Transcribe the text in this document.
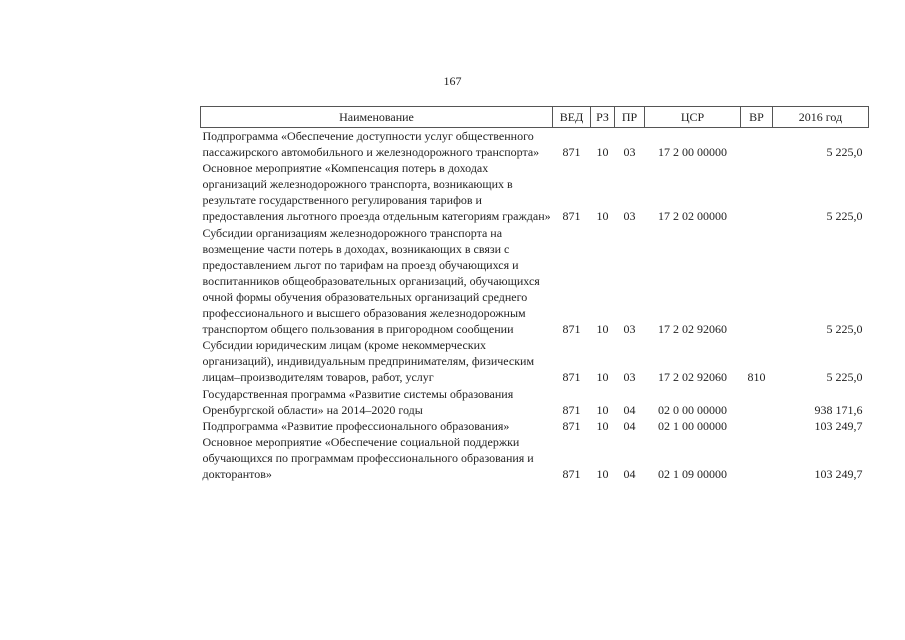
167
Наименование	ВЕД	РЗ	ПР	ЦСР	ВР	2016 год
Подпрограмма «Обеспечение доступности услуг общественного пассажирского автомобильного и железнодорожного транспорта»	871	10	03	17 2 00 00000		5 225,0
Основное мероприятие «Компенсация потерь в доходах организаций железнодорожного транспорта, возникающих в результате государственного регулирования тарифов и предоставления льготного проезда отдельным категориям граждан»	871	10	03	17 2 02 00000		5 225,0
Субсидии организациям железнодорожного транспорта на возмещение части потерь в доходах, возникающих в связи с предоставлением льгот по тарифам на проезд обучающихся и воспитанников общеобразовательных организаций, обучающихся очной формы обучения образовательных организаций среднего профессионального и высшего образования железнодорожным транспортом общего пользования в пригородном сообщении	871	10	03	17 2 02 92060		5 225,0
Субсидии юридическим лицам (кроме некоммерческих организаций), индивидуальным предпринимателям, физическим лицам–производителям товаров, работ, услуг	871	10	03	17 2 02 92060	810	5 225,0
Государственная программа «Развитие системы образования Оренбургской области» на 2014–2020 годы	871	10	04	02 0 00 00000		938 171,6
Подпрограмма «Развитие профессионального образования»	871	10	04	02 1 00 00000		103 249,7
Основное мероприятие «Обеспечение социальной поддержки обучающихся по программам профессионального образования и докторантов»	871	10	04	02 1 09 00000		103 249,7
